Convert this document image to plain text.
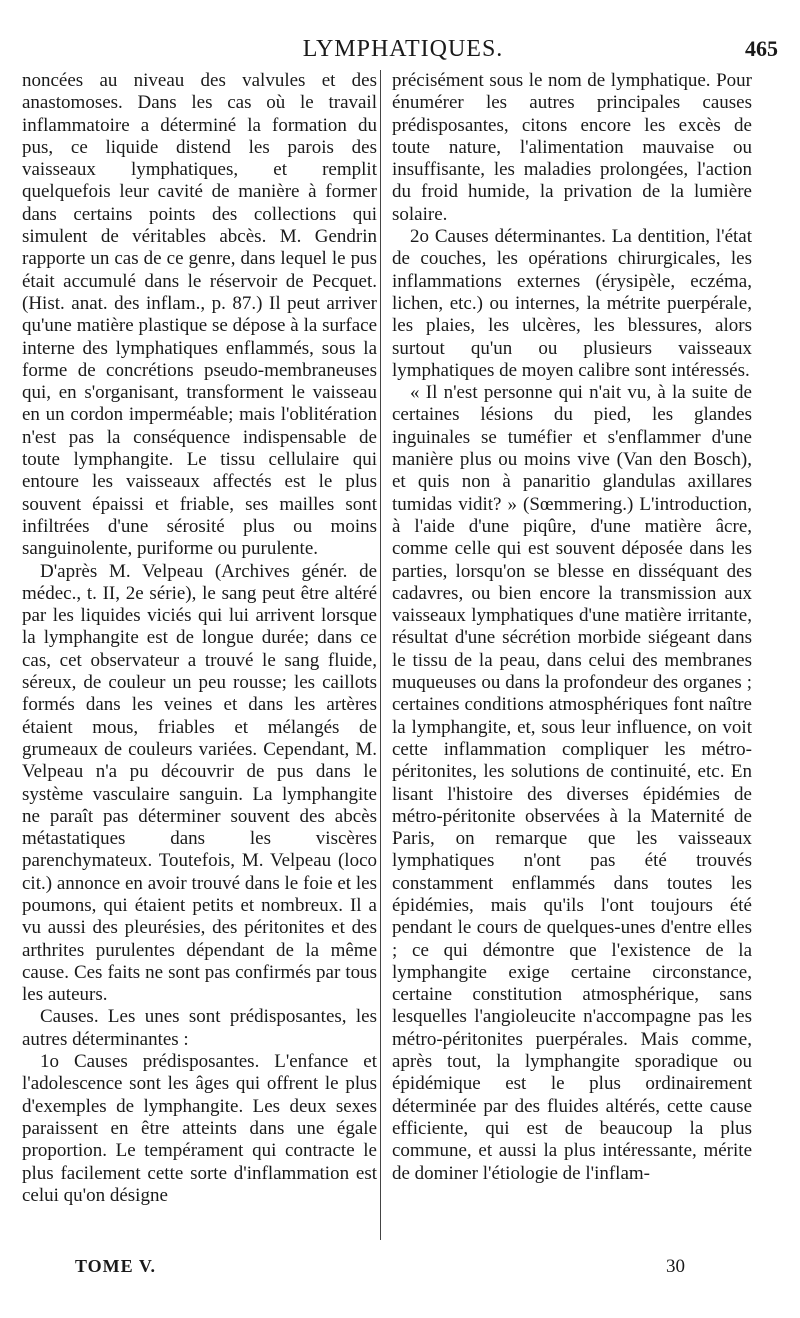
LYMPHATIQUES.	465

noncées au niveau des valvules et des anastomoses. Dans les cas où le travail inflammatoire a déterminé la formation du pus, ce liquide distend les parois des vaisseaux lymphatiques, et remplit quelquefois leur cavité de manière à former dans certains points des collections qui simulent de véritables abcès. M. Gendrin rapporte un cas de ce genre, dans lequel le pus était accumulé dans le réservoir de Pecquet. (Hist. anat. des inflam., p. 87.) Il peut arriver qu'une matière plastique se dépose à la surface interne des lymphatiques enflammés, sous la forme de concrétions pseudo-membraneuses qui, en s'organisant, transforment le vaisseau en un cordon imperméable; mais l'oblitération n'est pas la conséquence indispensable de toute lymphangite. Le tissu cellulaire qui entoure les vaisseaux affectés est le plus souvent épaissi et friable, ses mailles sont infiltrées d'une sérosité plus ou moins sanguinolente, puriforme ou purulente.

D'après M. Velpeau (Archives génér. de médec., t. II, 2e série), le sang peut être altéré par les liquides viciés qui lui arrivent lorsque la lymphangite est de longue durée; dans ce cas, cet observateur a trouvé le sang fluide, séreux, de couleur un peu rousse; les caillots formés dans les veines et dans les artères étaient mous, friables et mélangés de grumeaux de couleurs variées. Cependant, M. Velpeau n'a pu découvrir de pus dans le système vasculaire sanguin. La lymphangite ne paraît pas déterminer souvent des abcès métastatiques dans les viscères parenchymateux. Toutefois, M. Velpeau (loco cit.) annonce en avoir trouvé dans le foie et les poumons, qui étaient petits et nombreux. Il a vu aussi des pleurésies, des péritonites et des arthrites purulentes dépendant de la même cause. Ces faits ne sont pas confirmés par tous les auteurs.

Causes. Les unes sont prédisposantes, les autres déterminantes :

1o Causes prédisposantes. L'enfance et l'adolescence sont les âges qui offrent le plus d'exemples de lymphangite. Les deux sexes paraissent en être atteints dans une égale proportion. Le tempérament qui contracte le plus facilement cette sorte d'inflammation est celui qu'on désigne

précisément sous le nom de lymphatique. Pour énumérer les autres principales causes prédisposantes, citons encore les excès de toute nature, l'alimentation mauvaise ou insuffisante, les maladies prolongées, l'action du froid humide, la privation de la lumière solaire.

2o Causes déterminantes. La dentition, l'état de couches, les opérations chirurgicales, les inflammations externes (érysipèle, eczéma, lichen, etc.) ou internes, la métrite puerpérale, les plaies, les ulcères, les blessures, alors surtout qu'un ou plusieurs vaisseaux lymphatiques de moyen calibre sont intéressés.

« Il n'est personne qui n'ait vu, à la suite de certaines lésions du pied, les glandes inguinales se tuméfier et s'enflammer d'une manière plus ou moins vive (Van den Bosch), et quis non à panaritio glandulas axillares tumidas vidit? » (Sœmmering.) L'introduction, à l'aide d'une piqûre, d'une matière âcre, comme celle qui est souvent déposée dans les parties, lorsqu'on se blesse en disséquant des cadavres, ou bien encore la transmission aux vaisseaux lymphatiques d'une matière irritante, résultat d'une sécrétion morbide siégeant dans le tissu de la peau, dans celui des membranes muqueuses ou dans la profondeur des organes ; certaines conditions atmosphériques font naître la lymphangite, et, sous leur influence, on voit cette inflammation compliquer les métro-péritonites, les solutions de continuité, etc. En lisant l'histoire des diverses épidémies de métro-péritonite observées à la Maternité de Paris, on remarque que les vaisseaux lymphatiques n'ont pas été trouvés constamment enflammés dans toutes les épidémies, mais qu'ils l'ont toujours été pendant le cours de quelques-unes d'entre elles ; ce qui démontre que l'existence de la lymphangite exige certaine circonstance, certaine constitution atmosphérique, sans lesquelles l'angioleucite n'accompagne pas les métro-péritonites puerpérales. Mais comme, après tout, la lymphangite sporadique ou épidémique est le plus ordinairement déterminée par des fluides altérés, cette cause efficiente, qui est de beaucoup la plus commune, et aussi la plus intéressante, mérite de dominer l'étiologie de l'inflam-

TOME V.	30
